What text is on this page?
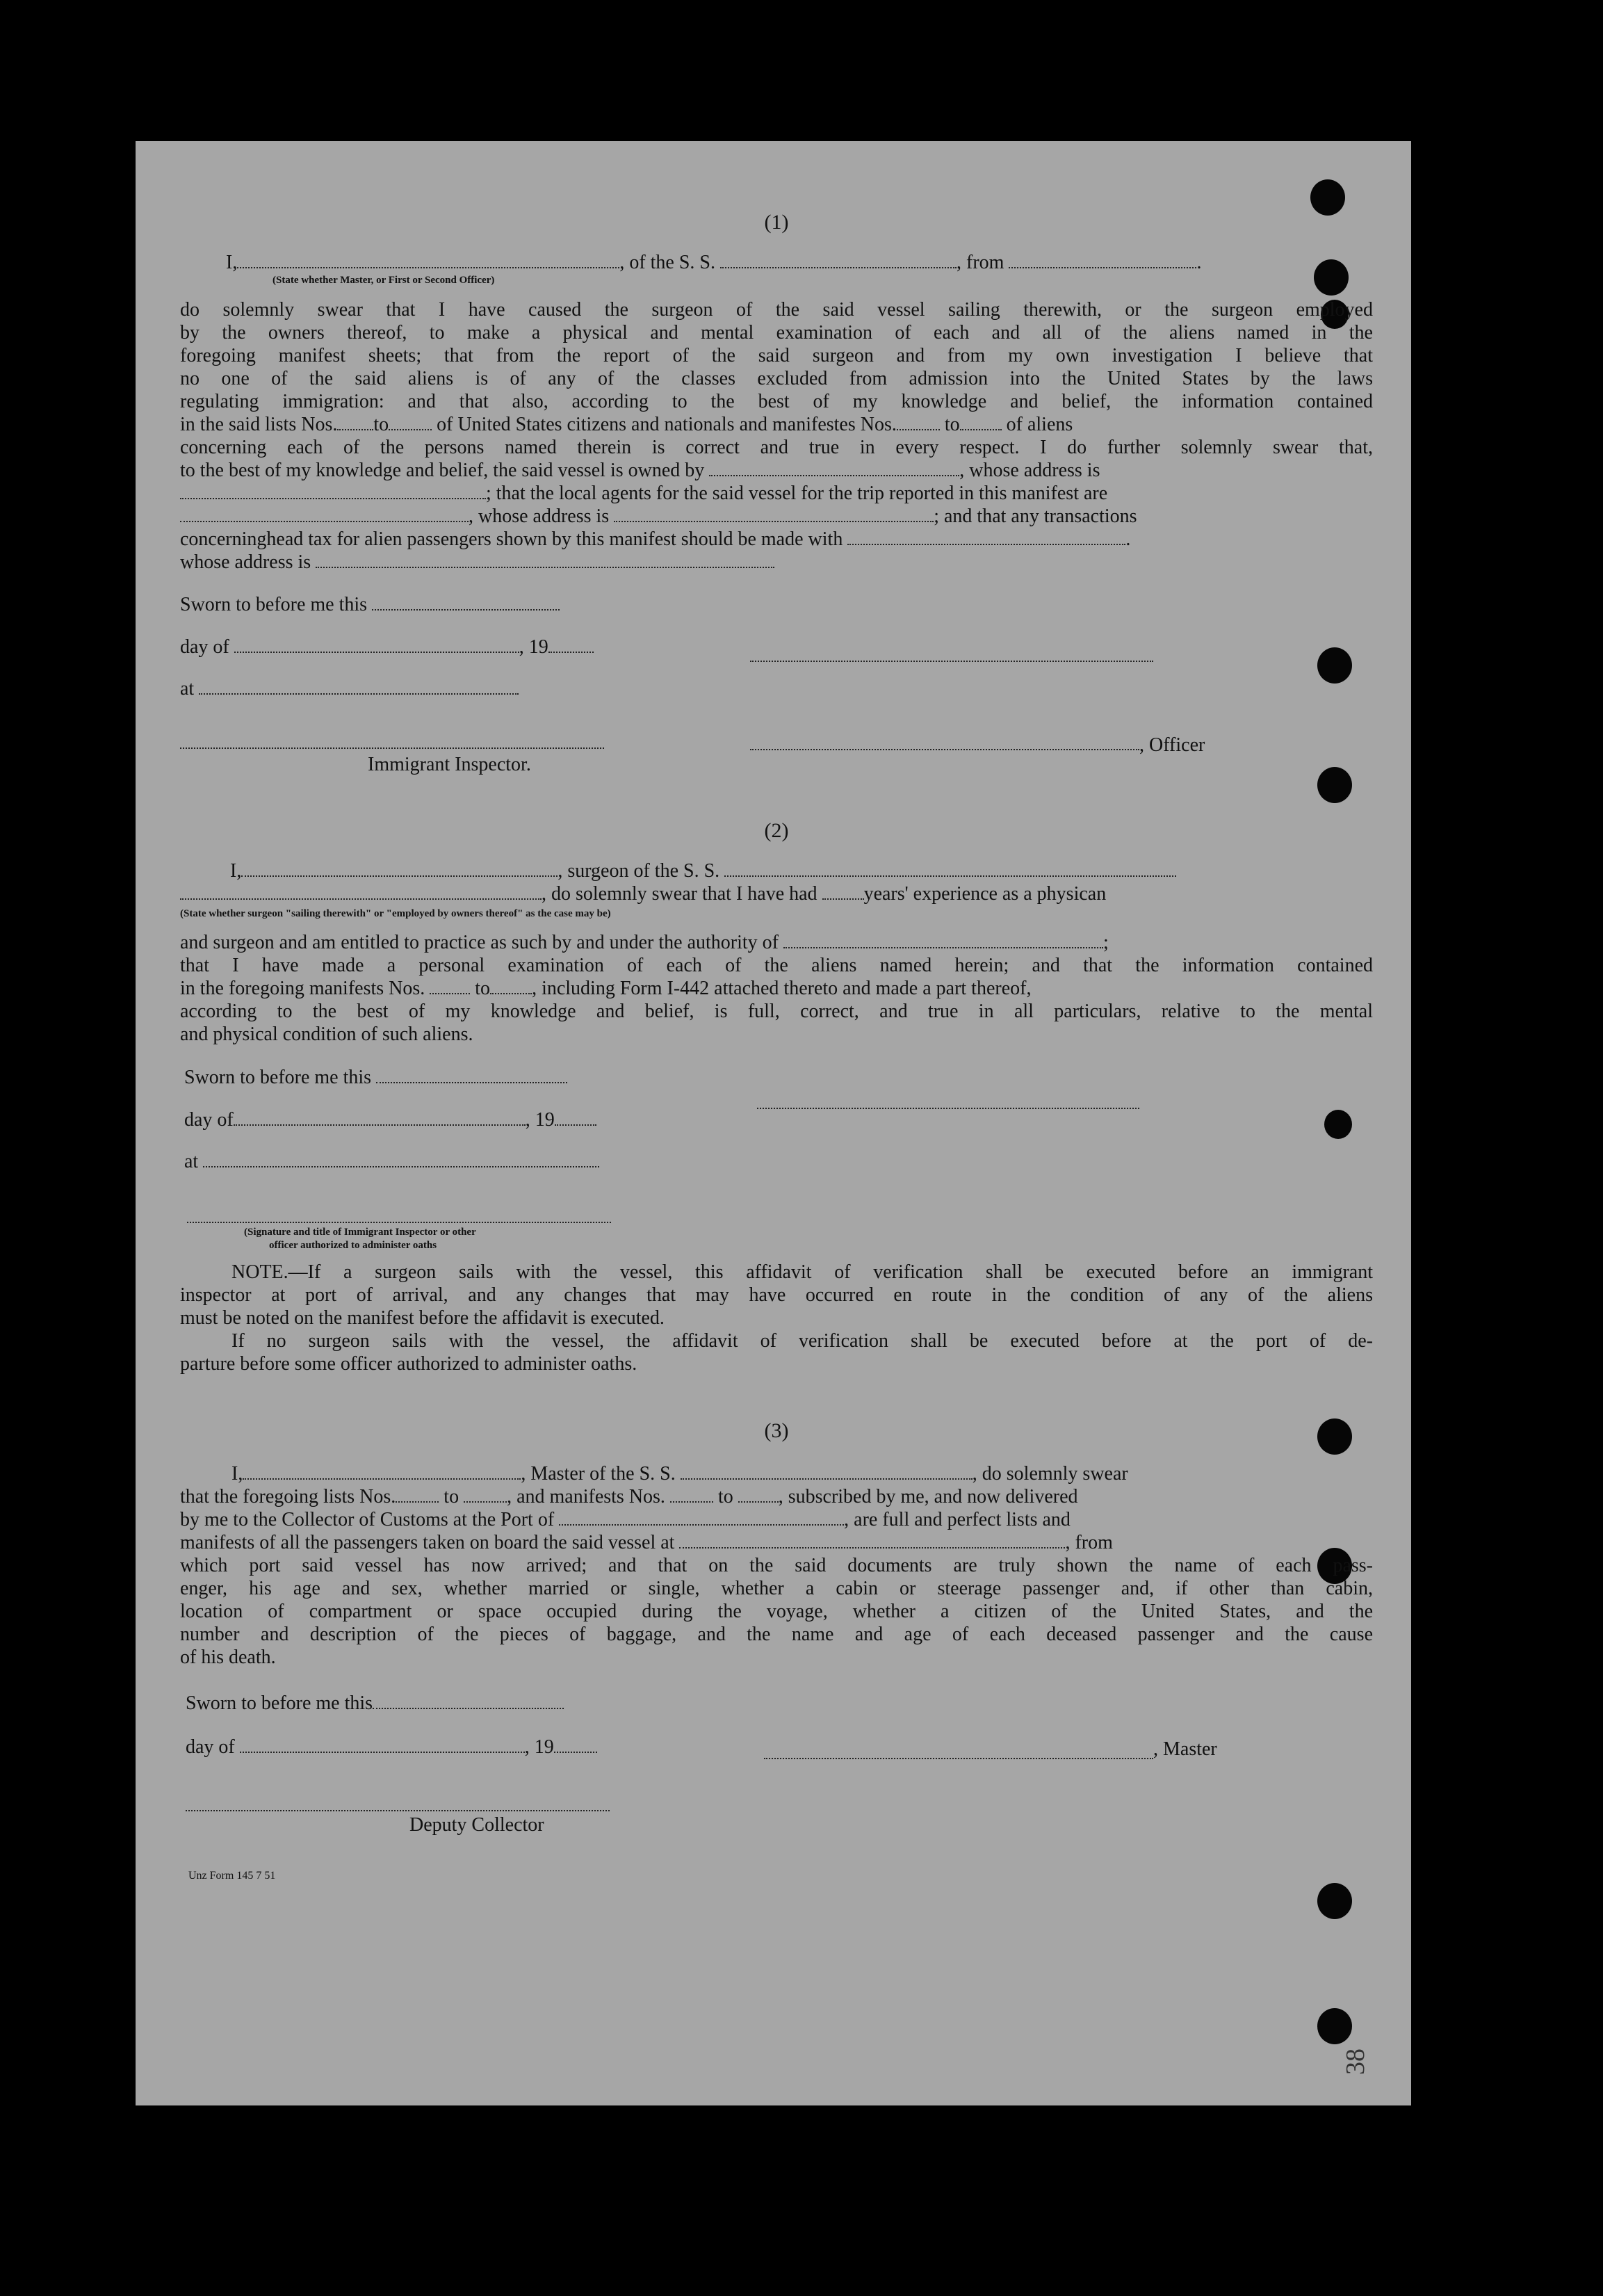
38
(1)
I,	, of the S. S.	, from	.
(State whether Master, or First or Second Officer)
do solemnly swear that I have caused the surgeon of the said vessel sailing therewith, or the surgeon employed
by the owners thereof, to make a physical and mental examination of each and all of the aliens named in the
foregoing manifest sheets; that from the report of the said surgeon and from my own investigation I believe that
no one of the said aliens is of any of the classes excluded from admission into the United States by the laws
regulating immigration: and that also, according to the best of my knowledge and belief, the information contained
in the said lists Nos. to of United States citizens and nationals and manifestes Nos. to of aliens
concerning each of the persons named therein is correct and true in every respect. I do further solemnly swear that,
to the best of my knowledge and belief, the said vessel is owned by	, whose address is
; that the local agents for the said vessel for the trip reported in this manifest are
, whose address is	; and that any transactions
concerninghead tax for alien passengers shown by this manifest should be made with	.
whose address is
Sworn to before me this
day of	, 19
at
, Officer
Immigrant Inspector.
(2)
I,	, surgeon of the S. S.
, do solemnly swear that I have had years' experience as a physican
(State whether surgeon "sailing therewith" or "employed by owners thereof" as the case may be)
and surgeon and am entitled to practice as such by and under the authority of	;
that I have made a personal examination of each of the aliens named herein; and that the information contained
in the foregoing manifests Nos.	to , including Form I-442 attached thereto and made a part thereof,
according to the best of my knowledge and belief, is full, correct, and true in all particulars, relative to the mental
and physical condition of such aliens.
Sworn to before me this
day of	, 19
at
(Signature and title of Immigrant Inspector or other
officer authorized to administer oaths
NOTE.—If a surgeon sails with the vessel, this affidavit of verification shall be executed before an immigrant
inspector at port of arrival, and any changes that may have occurred en route in the condition of any of the aliens
must be noted on the manifest before the affidavit is executed.
If no surgeon sails with the vessel, the affidavit of verification shall be executed before at the port of de-
parture before some officer authorized to administer oaths.
(3)
I,	, Master of the S. S.	, do solemnly swear
that the foregoing lists Nos. to , and manifests Nos.	to , subscribed by me, and now delivered
by me to the Collector of Customs at the Port of	, are full and perfect lists and
manifests of all the passengers taken on board the said vessel at	, from
which port said vessel has now arrived; and that on the said documents are truly shown the name of each pass-
enger, his age and sex, whether married or single, whether a cabin or steerage passenger and, if other than cabin,
location of compartment or space occupied during the voyage, whether a citizen of the United States, and the
number and description of the pieces of baggage, and the name and age of each deceased passenger and the cause
of his death.
Sworn to before me this
day of	, 19	, Master
Deputy Collector
Unz Form 145 7 51
